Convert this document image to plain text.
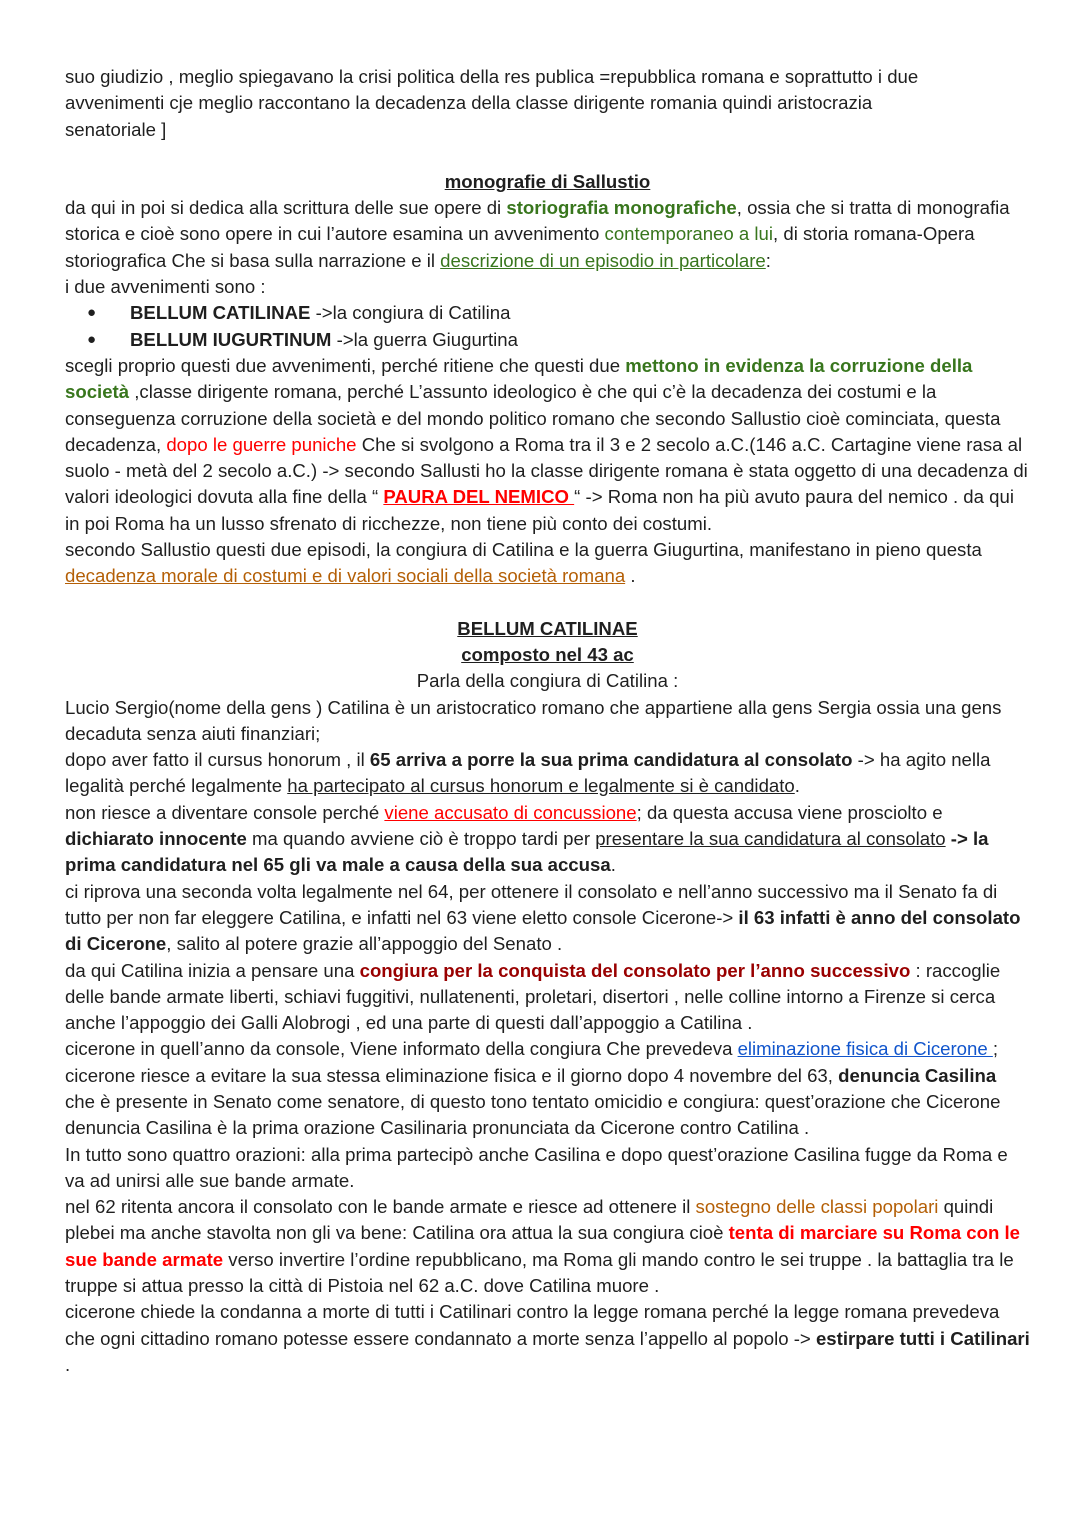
suo giudizio , meglio spiegavano la crisi politica della res publica =repubblica romana e soprattutto i due
avvenimenti cje meglio raccontano la decadenza della classe dirigente romania quindi aristocrazia
senatoriale ]

monografie di Sallustio

da qui in poi si dedica alla scrittura delle sue opere di storiografia monografiche, ossia che si tratta di monografia storica e cioè sono opere in cui l’autore esamina un avvenimento contemporaneo a lui, di storia romana-Opera storiografica Che si basa sulla narrazione e il descrizione di un episodio in particolare:

i due avvenimenti sono :

● BELLUM CATILINAE ->la congiura di Catilina
● BELLUM IUGURTINUM ->la guerra Giugurtina

scegli proprio questi due avvenimenti, perché ritiene che questi due mettono in evidenza la corruzione della società ,classe dirigente romana, perché L’assunto ideologico è che qui c’è la decadenza dei costumi e la conseguenza corruzione della società e del mondo politico romano che secondo Sallustio cioè cominciata, questa decadenza, dopo le guerre puniche Che si svolgono a Roma tra il 3 e 2 secolo a.C.(146 a.C. Cartagine viene rasa al suolo - metà del 2 secolo a.C.) -> secondo Sallusti ho la classe dirigente romana è stata oggetto di una decadenza di valori ideologici dovuta alla fine della “ PAURA DEL NEMICO “ -> Roma non ha più avuto paura del nemico . da qui in poi Roma ha un lusso sfrenato di ricchezze, non tiene più conto dei costumi.

secondo Sallustio questi due episodi, la congiura di Catilina e la guerra Giugurtina, manifestano in pieno questa decadenza morale di costumi e di valori sociali della società romana .

BELLUM CATILINAE

composto nel 43 ac

Parla della congiura di Catilina :

Lucio Sergio(nome della gens ) Catilina è un aristocratico romano che appartiene alla gens Sergia ossia una gens decaduta senza aiuti finanziari;

dopo aver fatto il cursus honorum , il 65 arriva a porre la sua prima candidatura al consolato -> ha agito nella legalità perché legalmente ha partecipato al cursus honorum e legalmente si è candidato.

non riesce a diventare console perché viene accusato di concussione; da questa accusa viene prosciolto e dichiarato innocente ma quando avviene ciò è troppo tardi per presentare la sua candidatura al consolato -> la prima candidatura nel 65 gli va male a causa della sua accusa.

ci riprova una seconda volta legalmente nel 64, per ottenere il consolato e nell’anno successivo ma il Senato fa di tutto per non far eleggere Catilina, e infatti nel 63 viene eletto console Cicerone-> il 63 infatti è anno del consolato di Cicerone, salito al potere grazie all’appoggio del Senato .

da qui Catilina inizia a pensare una congiura per la conquista del consolato per l’anno successivo : raccoglie delle bande armate liberti, schiavi fuggitivi, nullatenenti, proletari, disertori , nelle colline intorno a Firenze si cerca anche l’appoggio dei Galli Alobrogi , ed una parte di questi dall’appoggio a Catilina .

cicerone in quell’anno da console, Viene informato della congiura Che prevedeva eliminazione fisica di Cicerone ; cicerone riesce a evitare la sua stessa eliminazione fisica e il giorno dopo 4 novembre del 63, denuncia Casilina che è presente in Senato come senatore, di questo tono tentato omicidio e congiura: quest’orazione che Cicerone denuncia Casilina è la prima orazione Casilinaria pronunciata da Cicerone contro Catilina .

In tutto sono quattro orazioni: alla prima partecipò anche Casilina e dopo quest’orazione Casilina fugge da Roma e va ad unirsi alle sue bande armate.

nel 62 ritenta ancora il consolato con le bande armate e riesce ad ottenere il sostegno delle classi popolari quindi plebei ma anche stavolta non gli va bene: Catilina ora attua la sua congiura cioè tenta di marciare su Roma con le sue bande armate verso invertire l’ordine repubblicano, ma Roma gli mando contro le sei truppe . la battaglia tra le truppe si attua presso la città di Pistoia nel 62 a.C. dove Catilina muore .

cicerone chiede la condanna a morte di tutti i Catilinari contro la legge romana perché la legge romana prevedeva che ogni cittadino romano potesse essere condannato a morte senza l’appello al popolo -> estirpare tutti i Catilinari .
